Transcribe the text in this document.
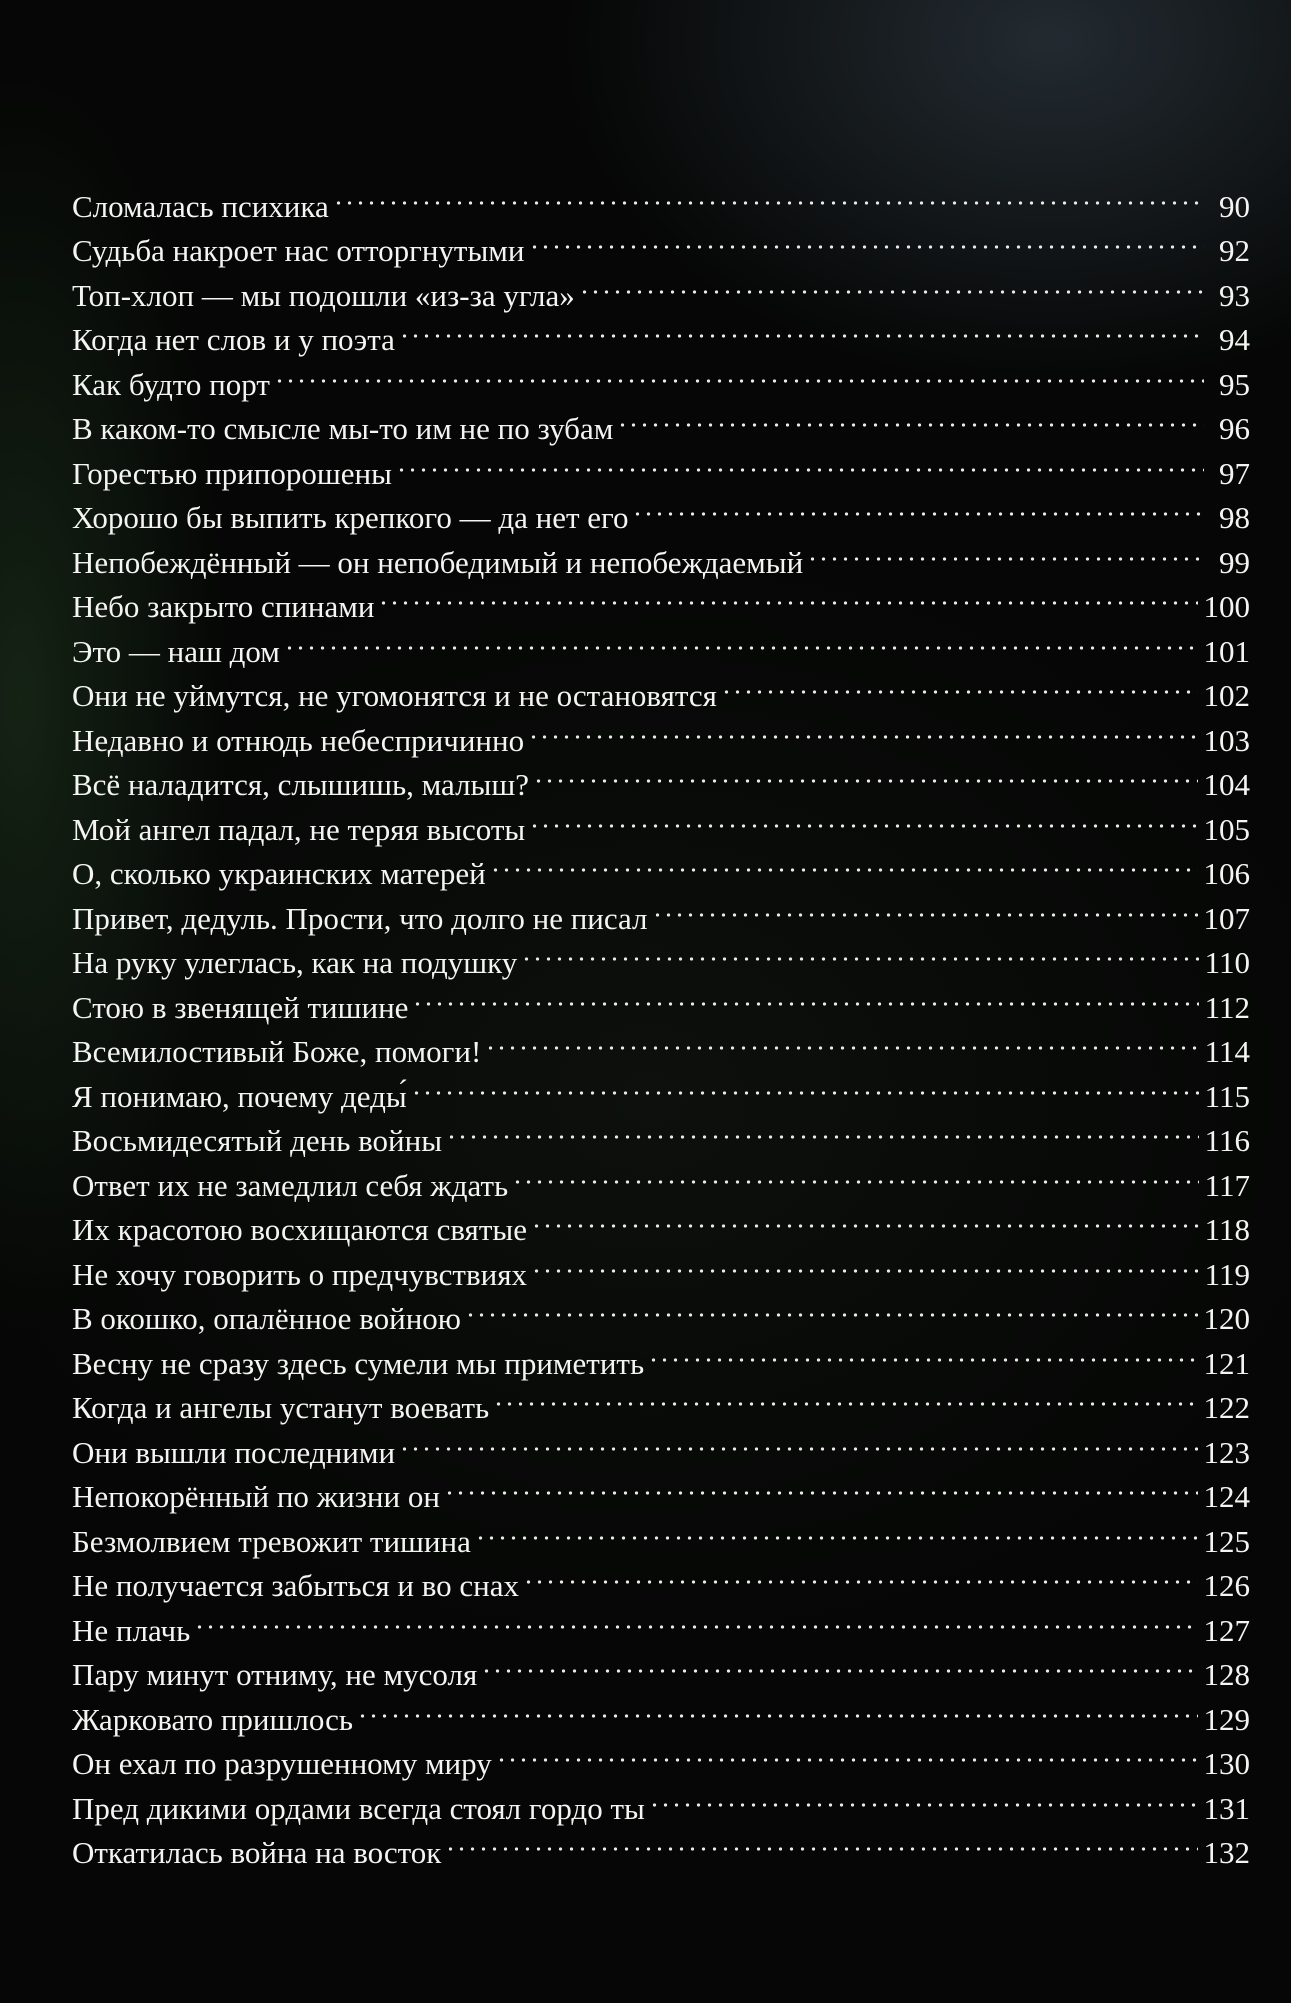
Сломалась психика	90
Судьба накроет нас отторгнутыми	92
Топ-хлоп — мы подошли «из-за угла»	93
Когда нет слов и у поэта	94
Как будто порт	95
В каком-то смысле мы-то им не по зубам	96
Горестью припорошены	97
Хорошо бы выпить крепкого — да нет его	98
Непобеждённый — он непобедимый и непобеждаемый	99
Небо закрыто спинами	100
Это — наш дом	101
Они не уймутся, не угомонятся и не остановятся	102
Недавно и отнюдь небеспричинно	103
Всё наладится, слышишь, малыш?	104
Мой ангел падал, не теряя высоты	105
О, сколько украинских матерей	106
Привет, дедуль. Прости, что долго не писал	107
На руку улеглась, как на подушку	110
Стою в звенящей тишине	112
Всемилостивый Боже, помоги!	114
Я понимаю, почему деды́	115
Восьмидесятый день войны	116
Ответ их не замедлил себя ждать	117
Их красотою восхищаются святые	118
Не хочу говорить о предчувствиях	119
В окошко, опалённое войною	120
Весну не сразу здесь сумели мы приметить	121
Когда и ангелы устанут воевать	122
Они вышли последними	123
Непокорённый по жизни он	124
Безмолвием тревожит тишина	125
Не получается забыться и во снах	126
Не плачь	127
Пару минут отниму, не мусоля	128
Жарковато пришлось	129
Он ехал по разрушенному миру	130
Пред дикими ордами всегда стоял гордо ты	131
Откатилась война на восток	132
